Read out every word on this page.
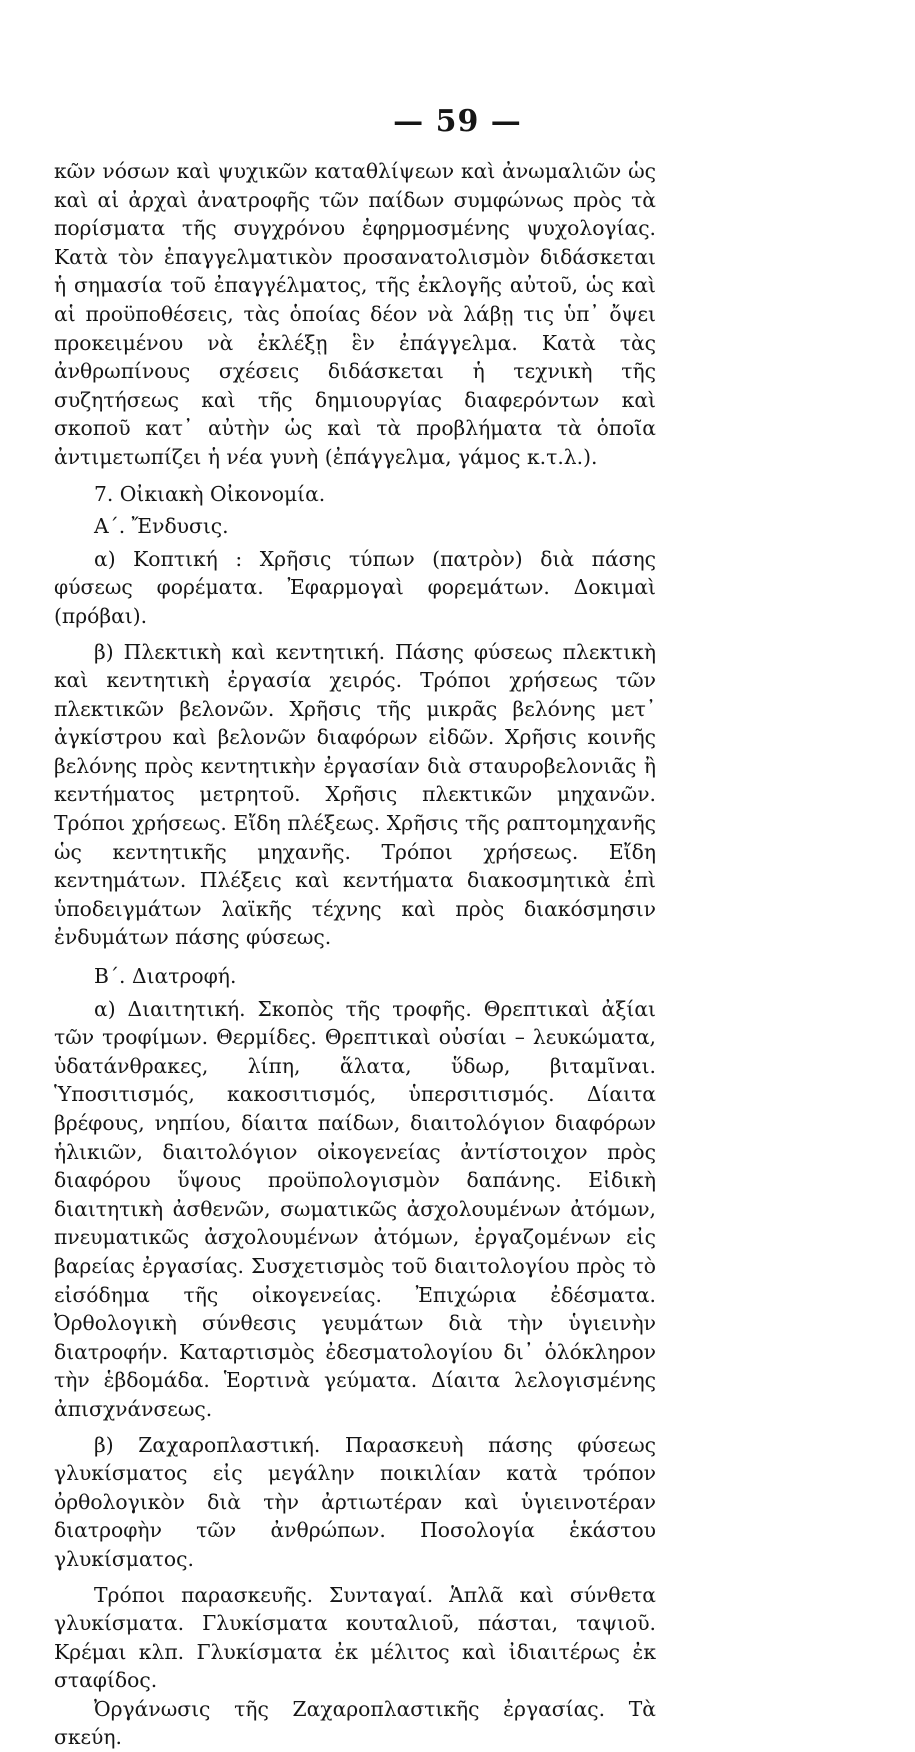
— 59 —

κῶν νόσων καὶ ψυχικῶν καταθλίψεων καὶ ἀνωμαλιῶν ὡς καὶ αἱ ἀρχαὶ ἀνατροφῆς τῶν παίδων συμφώνως πρὸς τὰ πορίσματα τῆς συγχρόνου ἐφηρμοσμένης ψυχολογίας. Κατὰ τὸν ἐπαγγελματικὸν προσανατολισμὸν διδάσκεται ἡ σημασία τοῦ ἐπαγγέλματος, τῆς ἐκλογῆς αὐτοῦ, ὡς καὶ αἱ προϋποθέσεις, τὰς ὁποίας δέον νὰ λάβῃ τις ὑπ᾿ ὄψει προκειμένου νὰ ἐκλέξῃ ἓν ἐπάγγελμα. Κατὰ τὰς ἀνθρωπίνους σχέσεις διδάσκεται ἡ τεχνικὴ τῆς συζητήσεως καὶ τῆς δημιουργίας διαφερόντων καὶ σκοποῦ κατ᾿ αὐτὴν ὡς καὶ τὰ προβλήματα τὰ ὁποῖα ἀντιμετωπίζει ἡ νέα γυνὴ (ἐπάγγελμα, γάμος κ.τ.λ.).

7. Οἰκιακὴ Οἰκονομία.

Α΄. Ἔνδυσις.

α) Κοπτική : Χρῆσις τύπων (πατρὸν) διὰ πάσης φύσεως φορέματα. Ἐφαρμογαὶ φορεμάτων. Δοκιμαὶ (πρόβαι).

β) Πλεκτικὴ καὶ κεντητική. Πάσης φύσεως πλεκτικὴ καὶ κεντητικὴ ἐργασία χειρός. Τρόποι χρήσεως τῶν πλεκτικῶν βελονῶν. Χρῆσις τῆς μικρᾶς βελόνης μετ᾿ ἀγκίστρου καὶ βελονῶν διαφόρων εἰδῶν. Χρῆσις κοινῆς βελόνης πρὸς κεντητικὴν ἐργασίαν διὰ σταυροβελονιᾶς ἢ κεντήματος μετρητοῦ. Χρῆσις πλεκτικῶν μηχανῶν. Τρόποι χρήσεως. Εἴδη πλέξεως. Χρῆσις τῆς ραπτομηχανῆς ὡς κεντητικῆς μηχανῆς. Τρόποι χρήσεως. Εἴδη κεντημάτων. Πλέξεις καὶ κεντήματα διακοσμητικὰ ἐπὶ ὑποδειγμάτων λαϊκῆς τέχνης καὶ πρὸς διακόσμησιν ἐνδυμάτων πάσης φύσεως.

Β΄. Διατροφή.

α) Διαιτητική. Σκοπὸς τῆς τροφῆς. Θρεπτικαὶ ἀξίαι τῶν τροφίμων. Θερμίδες. Θρεπτικαὶ οὐσίαι – λευκώματα, ὑδατάνθρακες, λίπη, ἅλατα, ὕδωρ, βιταμῖναι. Ὑποσιτισμός, κακοσιτισμός, ὑπερσιτισμός. Δίαιτα βρέφους, νηπίου, δίαιτα παίδων, διαιτολόγιον διαφόρων ἡλικιῶν, διαιτολόγιον οἰκογενείας ἀντίστοιχον πρὸς διαφόρου ὕψους προϋπολογισμὸν δαπάνης. Εἰδικὴ διαιτητικὴ ἀσθενῶν, σωματικῶς ἀσχολουμένων ἀτόμων, πνευματικῶς ἀσχολουμένων ἀτόμων, ἐργαζομένων εἰς βαρείας ἐργασίας. Συσχετισμὸς τοῦ διαιτολογίου πρὸς τὸ εἰσόδημα τῆς οἰκογενείας. Ἐπιχώρια ἐδέσματα. Ὀρθολογικὴ σύνθεσις γευμάτων διὰ τὴν ὑγιεινὴν διατροφήν. Καταρτισμὸς ἐδεσματολογίου δι᾿ ὁλόκληρον τὴν ἑβδομάδα. Ἑορτινὰ γεύματα. Δίαιτα λελογισμένης ἀπισχνάνσεως.

β) Ζαχαροπλαστική. Παρασκευὴ πάσης φύσεως γλυκίσματος εἰς μεγάλην ποικιλίαν κατὰ τρόπον ὀρθολογικὸν διὰ τὴν ἀρτιωτέραν καὶ ὑγιεινοτέραν διατροφὴν τῶν ἀνθρώπων. Ποσολογία ἑκάστου γλυκίσματος.

Τρόποι παρασκευῆς. Συνταγαί. Ἁπλᾶ καὶ σύνθετα γλυκίσματα. Γλυκίσματα κουταλιοῦ, πάσται, ταψιοῦ. Κρέμαι κλπ. Γλυκίσματα ἐκ μέλιτος καὶ ἰδιαιτέρως ἐκ σταφίδος.

Ὀργάνωσις τῆς Ζαχαροπλαστικῆς ἐργασίας. Τὰ σκεύη.
